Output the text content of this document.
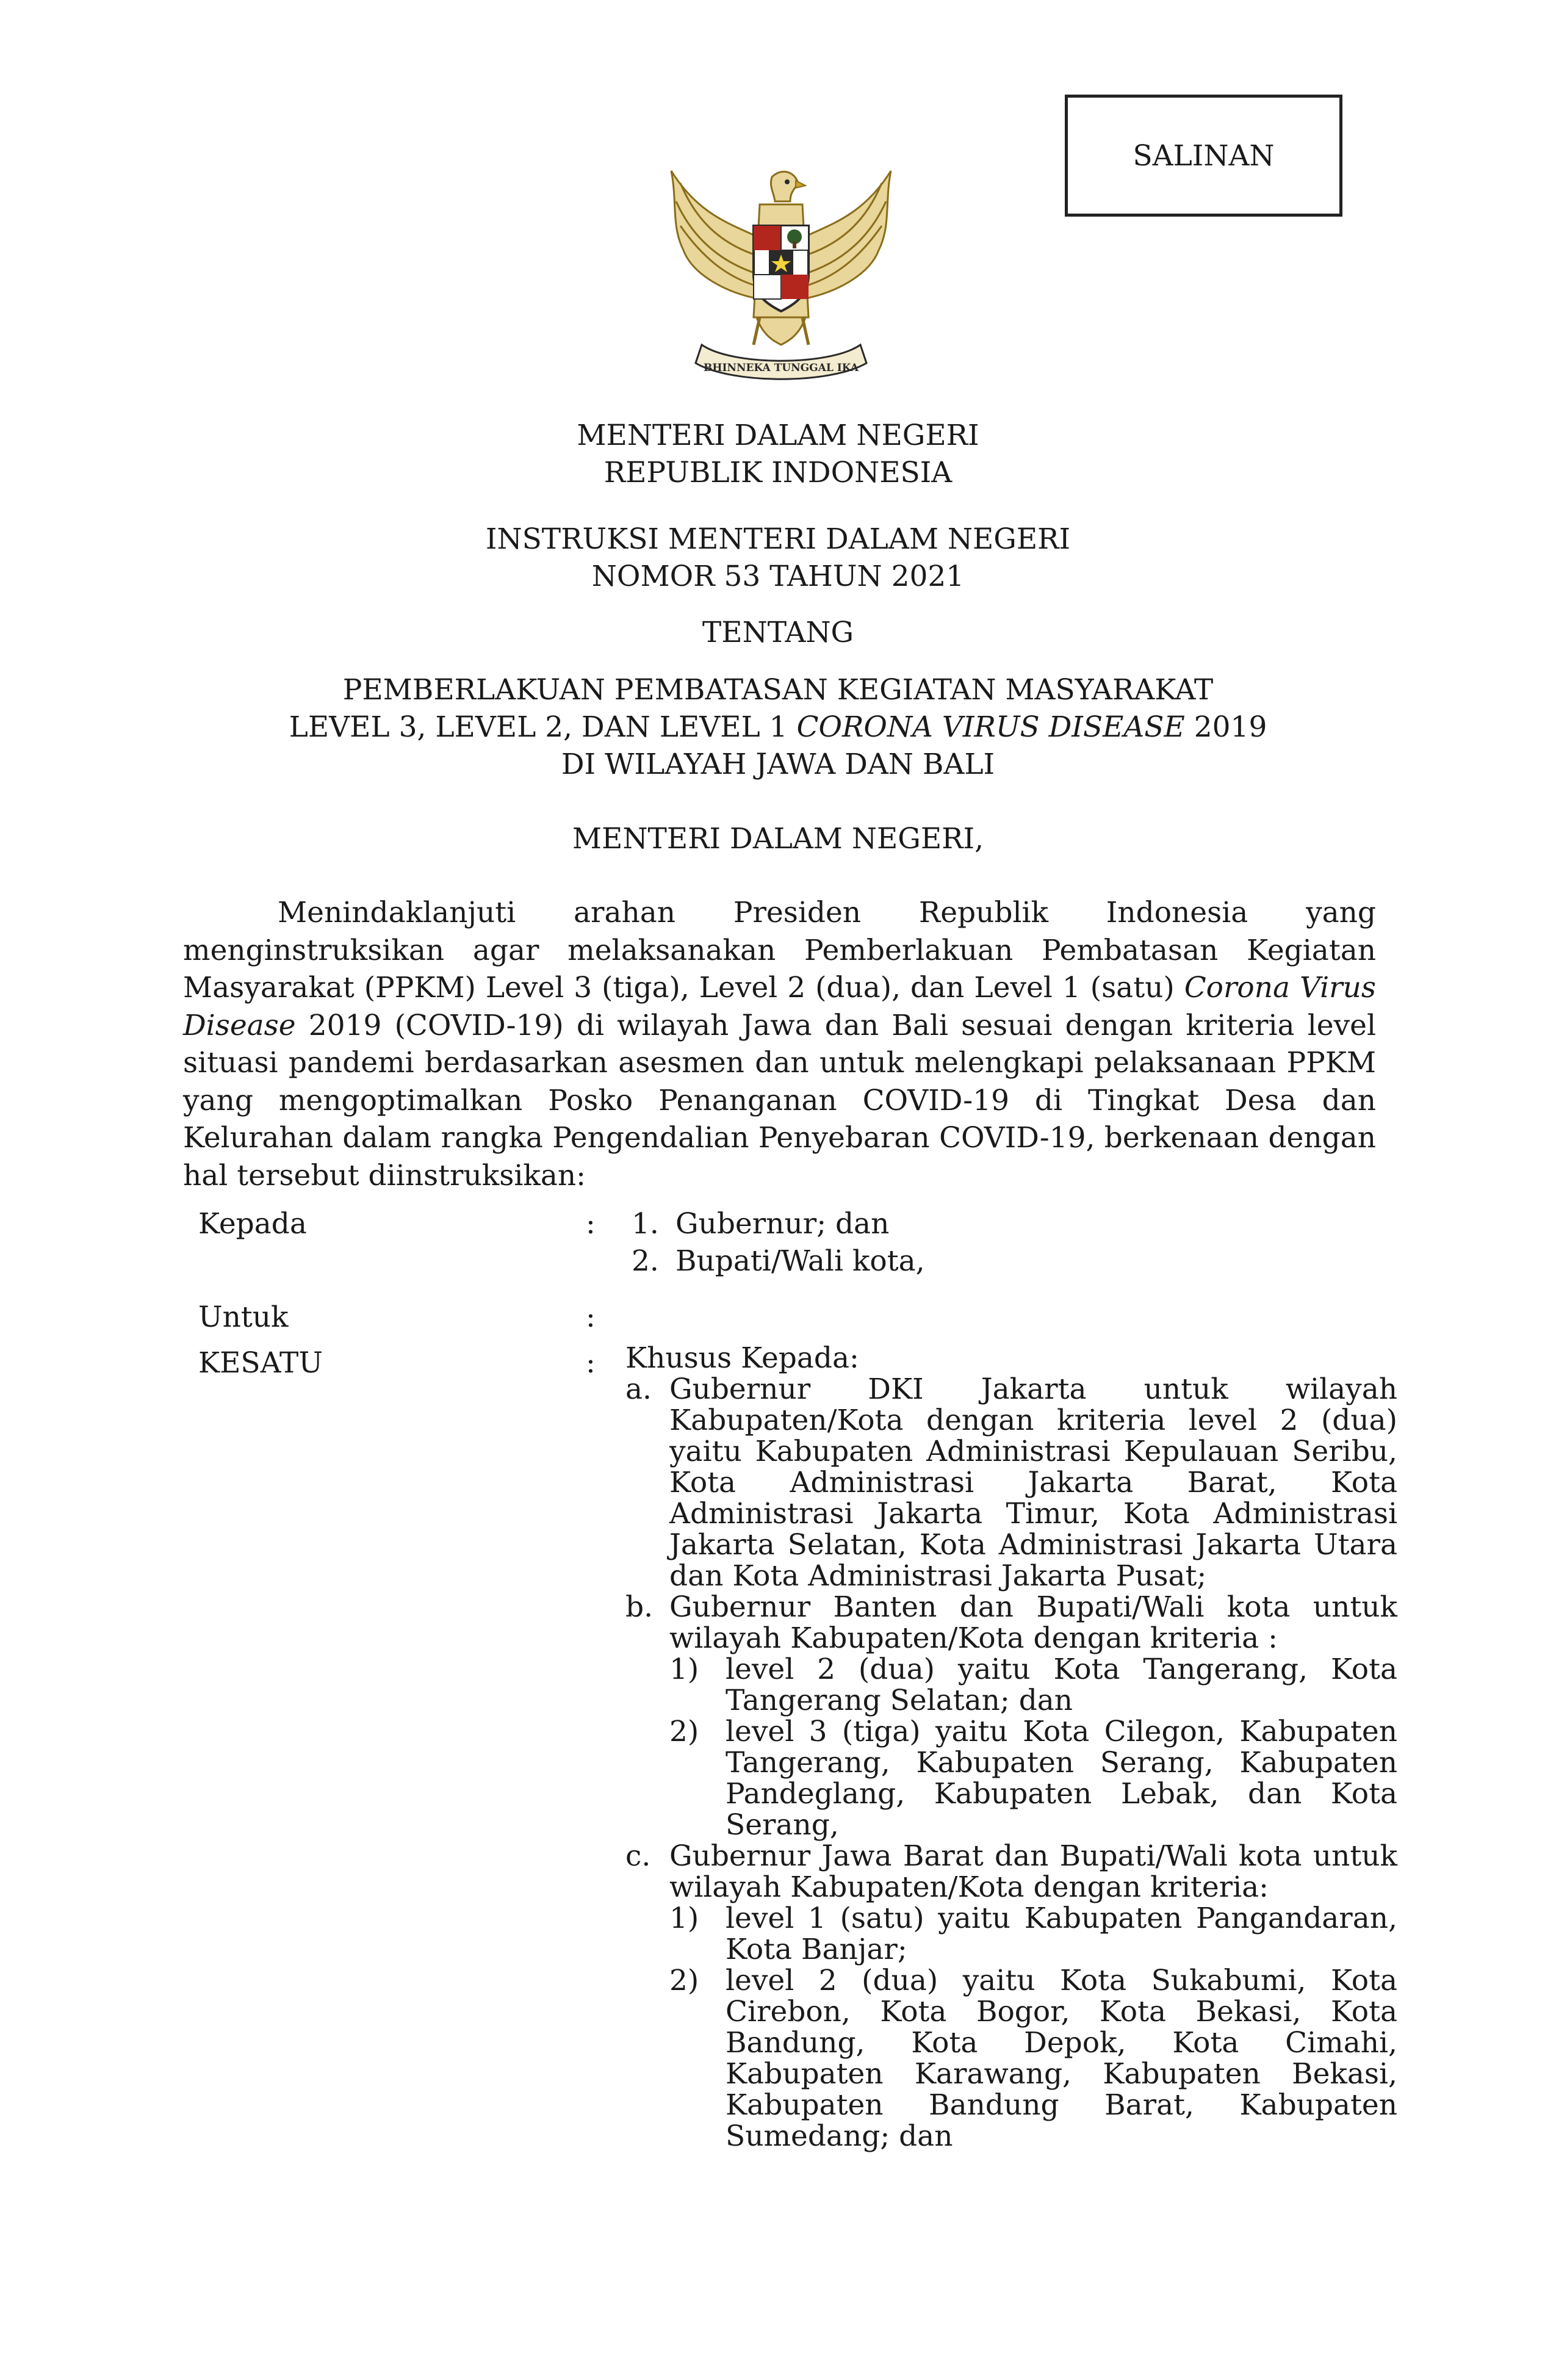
SALINAN
BHINNEKA TUNGGAL IKA
MENTERI DALAM NEGERI
REPUBLIK INDONESIA
INSTRUKSI MENTERI DALAM NEGERI
NOMOR 53 TAHUN 2021
TENTANG
PEMBERLAKUAN PEMBATASAN KEGIATAN MASYARAKAT
LEVEL 3, LEVEL 2, DAN LEVEL 1 CORONA VIRUS DISEASE 2019
DI WILAYAH JAWA DAN BALI
MENTERI DALAM NEGERI,
Menindaklanjuti arahan Presiden Republik Indonesia yang menginstruksikan agar melaksanakan Pemberlakuan Pembatasan Kegiatan Masyarakat (PPKM) Level 3 (tiga), Level 2 (dua), dan Level 1 (satu) Corona Virus Disease 2019 (COVID-19) di wilayah Jawa dan Bali sesuai dengan kriteria level situasi pandemi berdasarkan asesmen dan untuk melengkapi pelaksanaan PPKM yang mengoptimalkan Posko Penanganan COVID-19 di Tingkat Desa dan Kelurahan dalam rangka Pengendalian Penyebaran COVID-19, berkenaan dengan hal tersebut diinstruksikan:
Kepada	: 1. Gubernur; dan
2. Bupati/Wali kota,
Untuk	:
KESATU	: Khusus Kepada:
a. Gubernur DKI Jakarta untuk wilayah Kabupaten/Kota dengan kriteria level 2 (dua) yaitu Kabupaten Administrasi Kepulauan Seribu, Kota Administrasi Jakarta Barat, Kota Administrasi Jakarta Timur, Kota Administrasi Jakarta Selatan, Kota Administrasi Jakarta Utara dan Kota Administrasi Jakarta Pusat;
b. Gubernur Banten dan Bupati/Wali kota untuk wilayah Kabupaten/Kota dengan kriteria :
1) level 2 (dua) yaitu Kota Tangerang, Kota Tangerang Selatan; dan
2) level 3 (tiga) yaitu Kota Cilegon, Kabupaten Tangerang, Kabupaten Serang, Kabupaten Pandeglang, Kabupaten Lebak, dan Kota Serang,
c. Gubernur Jawa Barat dan Bupati/Wali kota untuk wilayah Kabupaten/Kota dengan kriteria:
1) level 1 (satu) yaitu Kabupaten Pangandaran, Kota Banjar;
2) level 2 (dua) yaitu Kota Sukabumi, Kota Cirebon, Kota Bogor, Kota Bekasi, Kota Bandung, Kota Depok, Kota Cimahi, Kabupaten Karawang, Kabupaten Bekasi, Kabupaten Bandung Barat, Kabupaten Sumedang; dan
